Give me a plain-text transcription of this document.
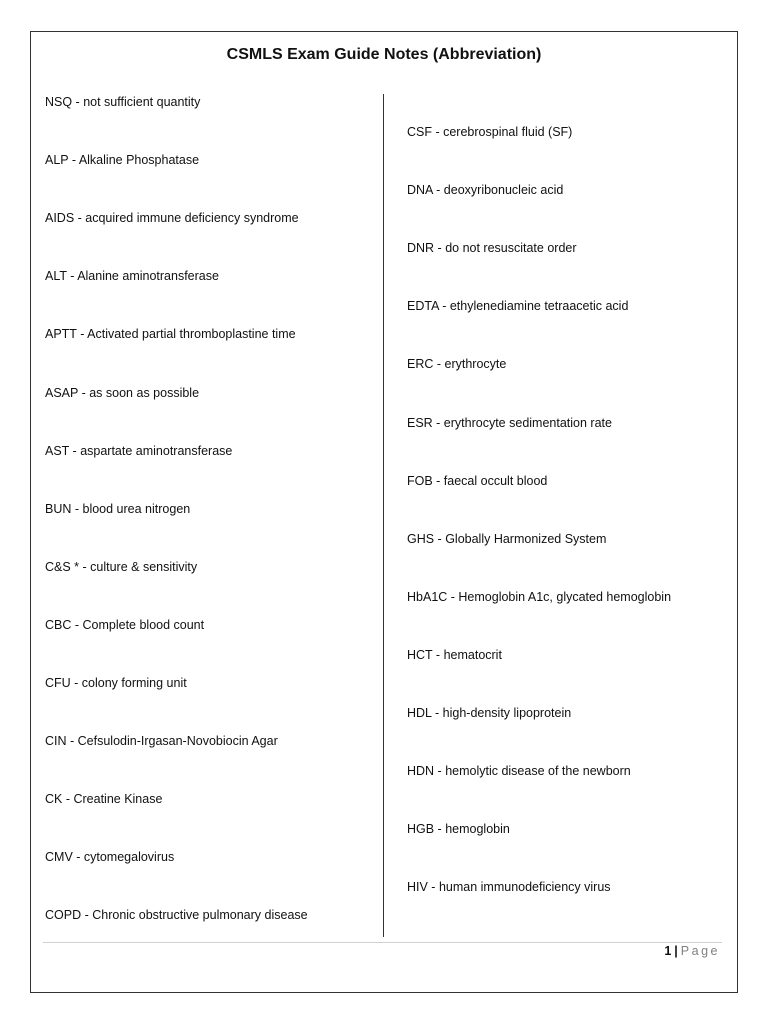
CSMLS Exam Guide Notes (Abbreviation)
NSQ - not sufficient quantity
ALP - Alkaline Phosphatase
AIDS - acquired immune deficiency syndrome
ALT - Alanine aminotransferase
APTT - Activated partial thromboplastine time
ASAP - as soon as possible
AST - aspartate aminotransferase
BUN - blood urea nitrogen
C&S * - culture & sensitivity
CBC - Complete blood count
CFU - colony forming unit
CIN - Cefsulodin-Irgasan-Novobiocin Agar
CK - Creatine Kinase
CMV - cytomegalovirus
COPD - Chronic obstructive pulmonary disease
CSF - cerebrospinal fluid (SF)
DNA - deoxyribonucleic acid
DNR - do not resuscitate order
EDTA - ethylenediamine tetraacetic acid
ERC - erythrocyte
ESR - erythrocyte sedimentation rate
FOB - faecal occult blood
GHS - Globally Harmonized System
HbA1C - Hemoglobin A1c, glycated hemoglobin
HCT - hematocrit
HDL - high-density lipoprotein
HDN - hemolytic disease of the newborn
HGB - hemoglobin
HIV - human immunodeficiency virus
1 | Page
